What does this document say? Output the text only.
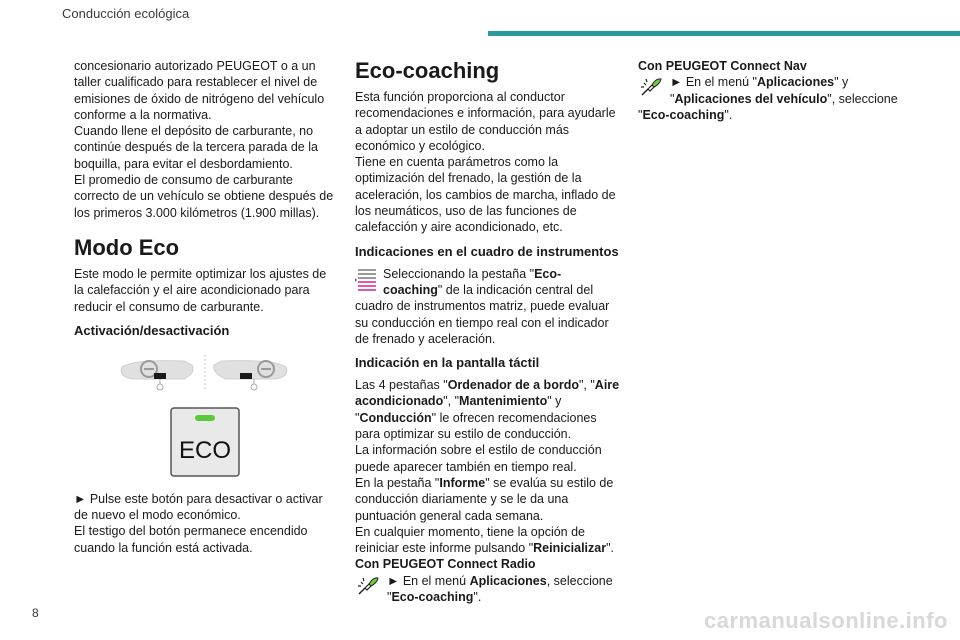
Conducción ecológica

concesionario autorizado PEUGEOT o a un taller cualificado para restablecer el nivel de emisiones de óxido de nitrógeno del vehículo conforme a la normativa.

Cuando llene el depósito de carburante, no continúe después de la tercera parada de la boquilla, para evitar el desbordamiento.

El promedio de consumo de carburante correcto de un vehículo se obtiene después de los primeros 3.000 kilómetros (1.900 millas).

Modo Eco

Este modo le permite optimizar los ajustes de la calefacción y el aire acondicionado para reducir el consumo de carburante.

Activación/desactivación
ECO

► Pulse este botón para desactivar o activar de nuevo el modo económico.

El testigo del botón permanece encendido cuando la función está activada.

Eco-coaching

Esta función proporciona al conductor recomendaciones e información, para ayudarle a adoptar un estilo de conducción más económico y ecológico.

Tiene en cuenta parámetros como la optimización del frenado, la gestión de la aceleración, los cambios de marcha, inflado de los neumáticos, uso de las funciones de calefacción y aire acondicionado, etc.

Indicaciones en el cuadro de instrumentos

Seleccionando la pestaña "Eco-coaching" de la indicación central del cuadro de instrumentos matriz, puede evaluar su conducción en tiempo real con el indicador de frenado y aceleración.

Indicación en la pantalla táctil

Las 4 pestañas "Ordenador de a bordo", "Aire acondicionado", "Mantenimiento" y "Conducción" le ofrecen recomendaciones para optimizar su estilo de conducción.

La información sobre el estilo de conducción puede aparecer también en tiempo real.

En la pestaña "Informe" se evalúa su estilo de conducción diariamente y se le da una puntuación general cada semana.

En cualquier momento, tiene la opción de reiniciar este informe pulsando "Reinicializar".

Con PEUGEOT Connect Radio

► En el menú Aplicaciones, seleccione "Eco-coaching".

Con PEUGEOT Connect Nav

► En el menú "Aplicaciones" y "Aplicaciones del vehículo", seleccione "Eco-coaching".

8	carmanualsonline.info
